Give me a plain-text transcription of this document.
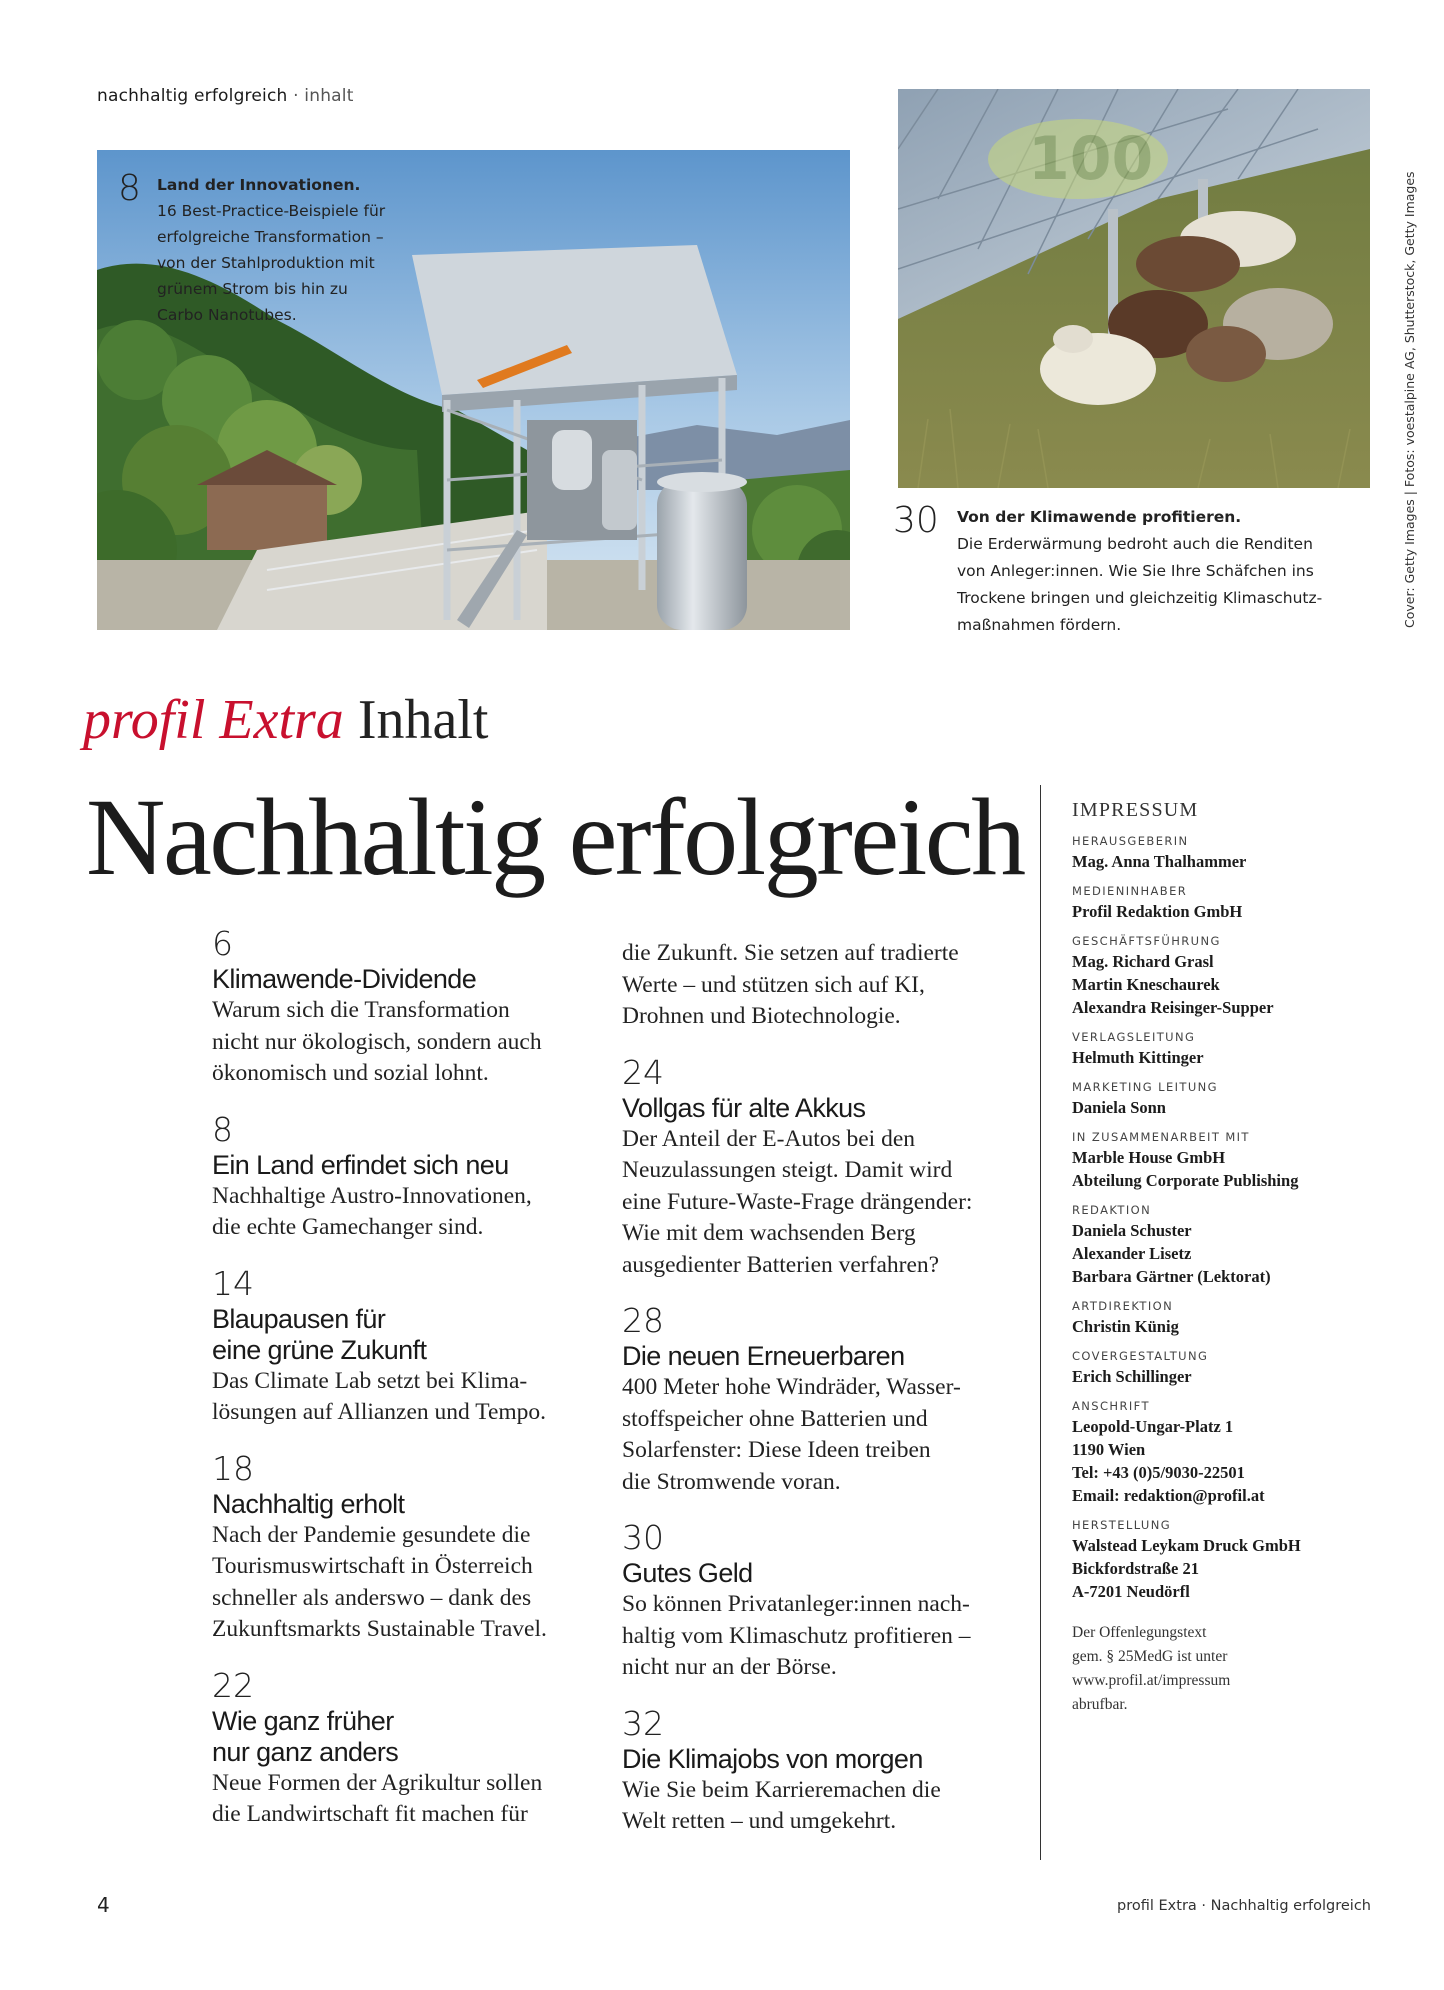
nachhaltig erfolgreich · inhalt
8 Land der Innovationen.
16 Best-Practice-Beispiele für
erfolgreiche Transformation –
von der Stahlproduktion mit
grünem Strom bis hin zu
Carbo Nanotubes.
100
30 Von der Klimawende profitieren.
Die Erderwärmung bedroht auch die Renditen
von Anleger:innen. Wie Sie Ihre Schäfchen ins
Trockene bringen und gleichzeitig Klimaschutz-
maßnahmen fördern.	Cover: Getty Images | Fotos: voestalpine AG, Shutterstock, Getty Images
profil Extra Inhalt
Nachhaltig erfolgreich
6
Klimawende-Dividende
Warum sich die Transformation
nicht nur ökologisch, sondern auch
ökonomisch und sozial lohnt.
8
Ein Land erfindet sich neu
Nachhaltige Austro-Innovationen,
die echte Gamechanger sind.
14
Blaupausen für
eine grüne Zukunft
Das Climate Lab setzt bei Klima-
lösungen auf Allianzen und Tempo.
18
Nachhaltig erholt
Nach der Pandemie gesundete die
Tourismuswirtschaft in Österreich
schneller als anderswo – dank des
Zukunftsmarkts Sustainable Travel.
22
Wie ganz früher
nur ganz anders
Neue Formen der Agrikultur sollen
die Landwirtschaft fit machen für
die Zukunft. Sie setzen auf tradierte
Werte – und stützen sich auf KI,
Drohnen und Biotechnologie.
24
Vollgas für alte Akkus
Der Anteil der E-Autos bei den
Neuzulassungen steigt. Damit wird
eine Future-Waste-Frage drängender:
Wie mit dem wachsenden Berg
ausgedienter Batterien verfahren?
28
Die neuen Erneuerbaren
400 Meter hohe Windräder, Wasser-
stoffspeicher ohne Batterien und
Solarfenster: Diese Ideen treiben
die Stromwende voran.
30
Gutes Geld
So können Privatanleger:innen nach-
haltig vom Klimaschutz profitieren –
nicht nur an der Börse.
32
Die Klimajobs von morgen
Wie Sie beim Karrieremachen die
Welt retten – und umgekehrt.
IMPRESSUM
HERAUSGEBERIN
Mag. Anna Thalhammer
MEDIENINHABER
Profil Redaktion GmbH
GESCHÄFTSFÜHRUNG
Mag. Richard Grasl
Martin Kneschaurek
Alexandra Reisinger-Supper
VERLAGSLEITUNG
Helmuth Kittinger
MARKETING LEITUNG
Daniela Sonn
IN ZUSAMMENARBEIT MIT
Marble House GmbH
Abteilung Corporate Publishing
REDAKTION
Daniela Schuster
Alexander Lisetz
Barbara Gärtner (Lektorat)
ARTDIREKTION
Christin Künig
COVERGESTALTUNG
Erich Schillinger
ANSCHRIFT
Leopold-Ungar-Platz 1
1190 Wien
Tel: +43 (0)5/9030-22501
Email: redaktion@profil.at
HERSTELLUNG
Walstead Leykam Druck GmbH
Bickfordstraße 21
A-7201 Neudörfl
Der Offenlegungstext
gem. § 25MedG ist unter
www.profil.at/impressum
abrufbar.
4	profil Extra · Nachhaltig erfolgreich
